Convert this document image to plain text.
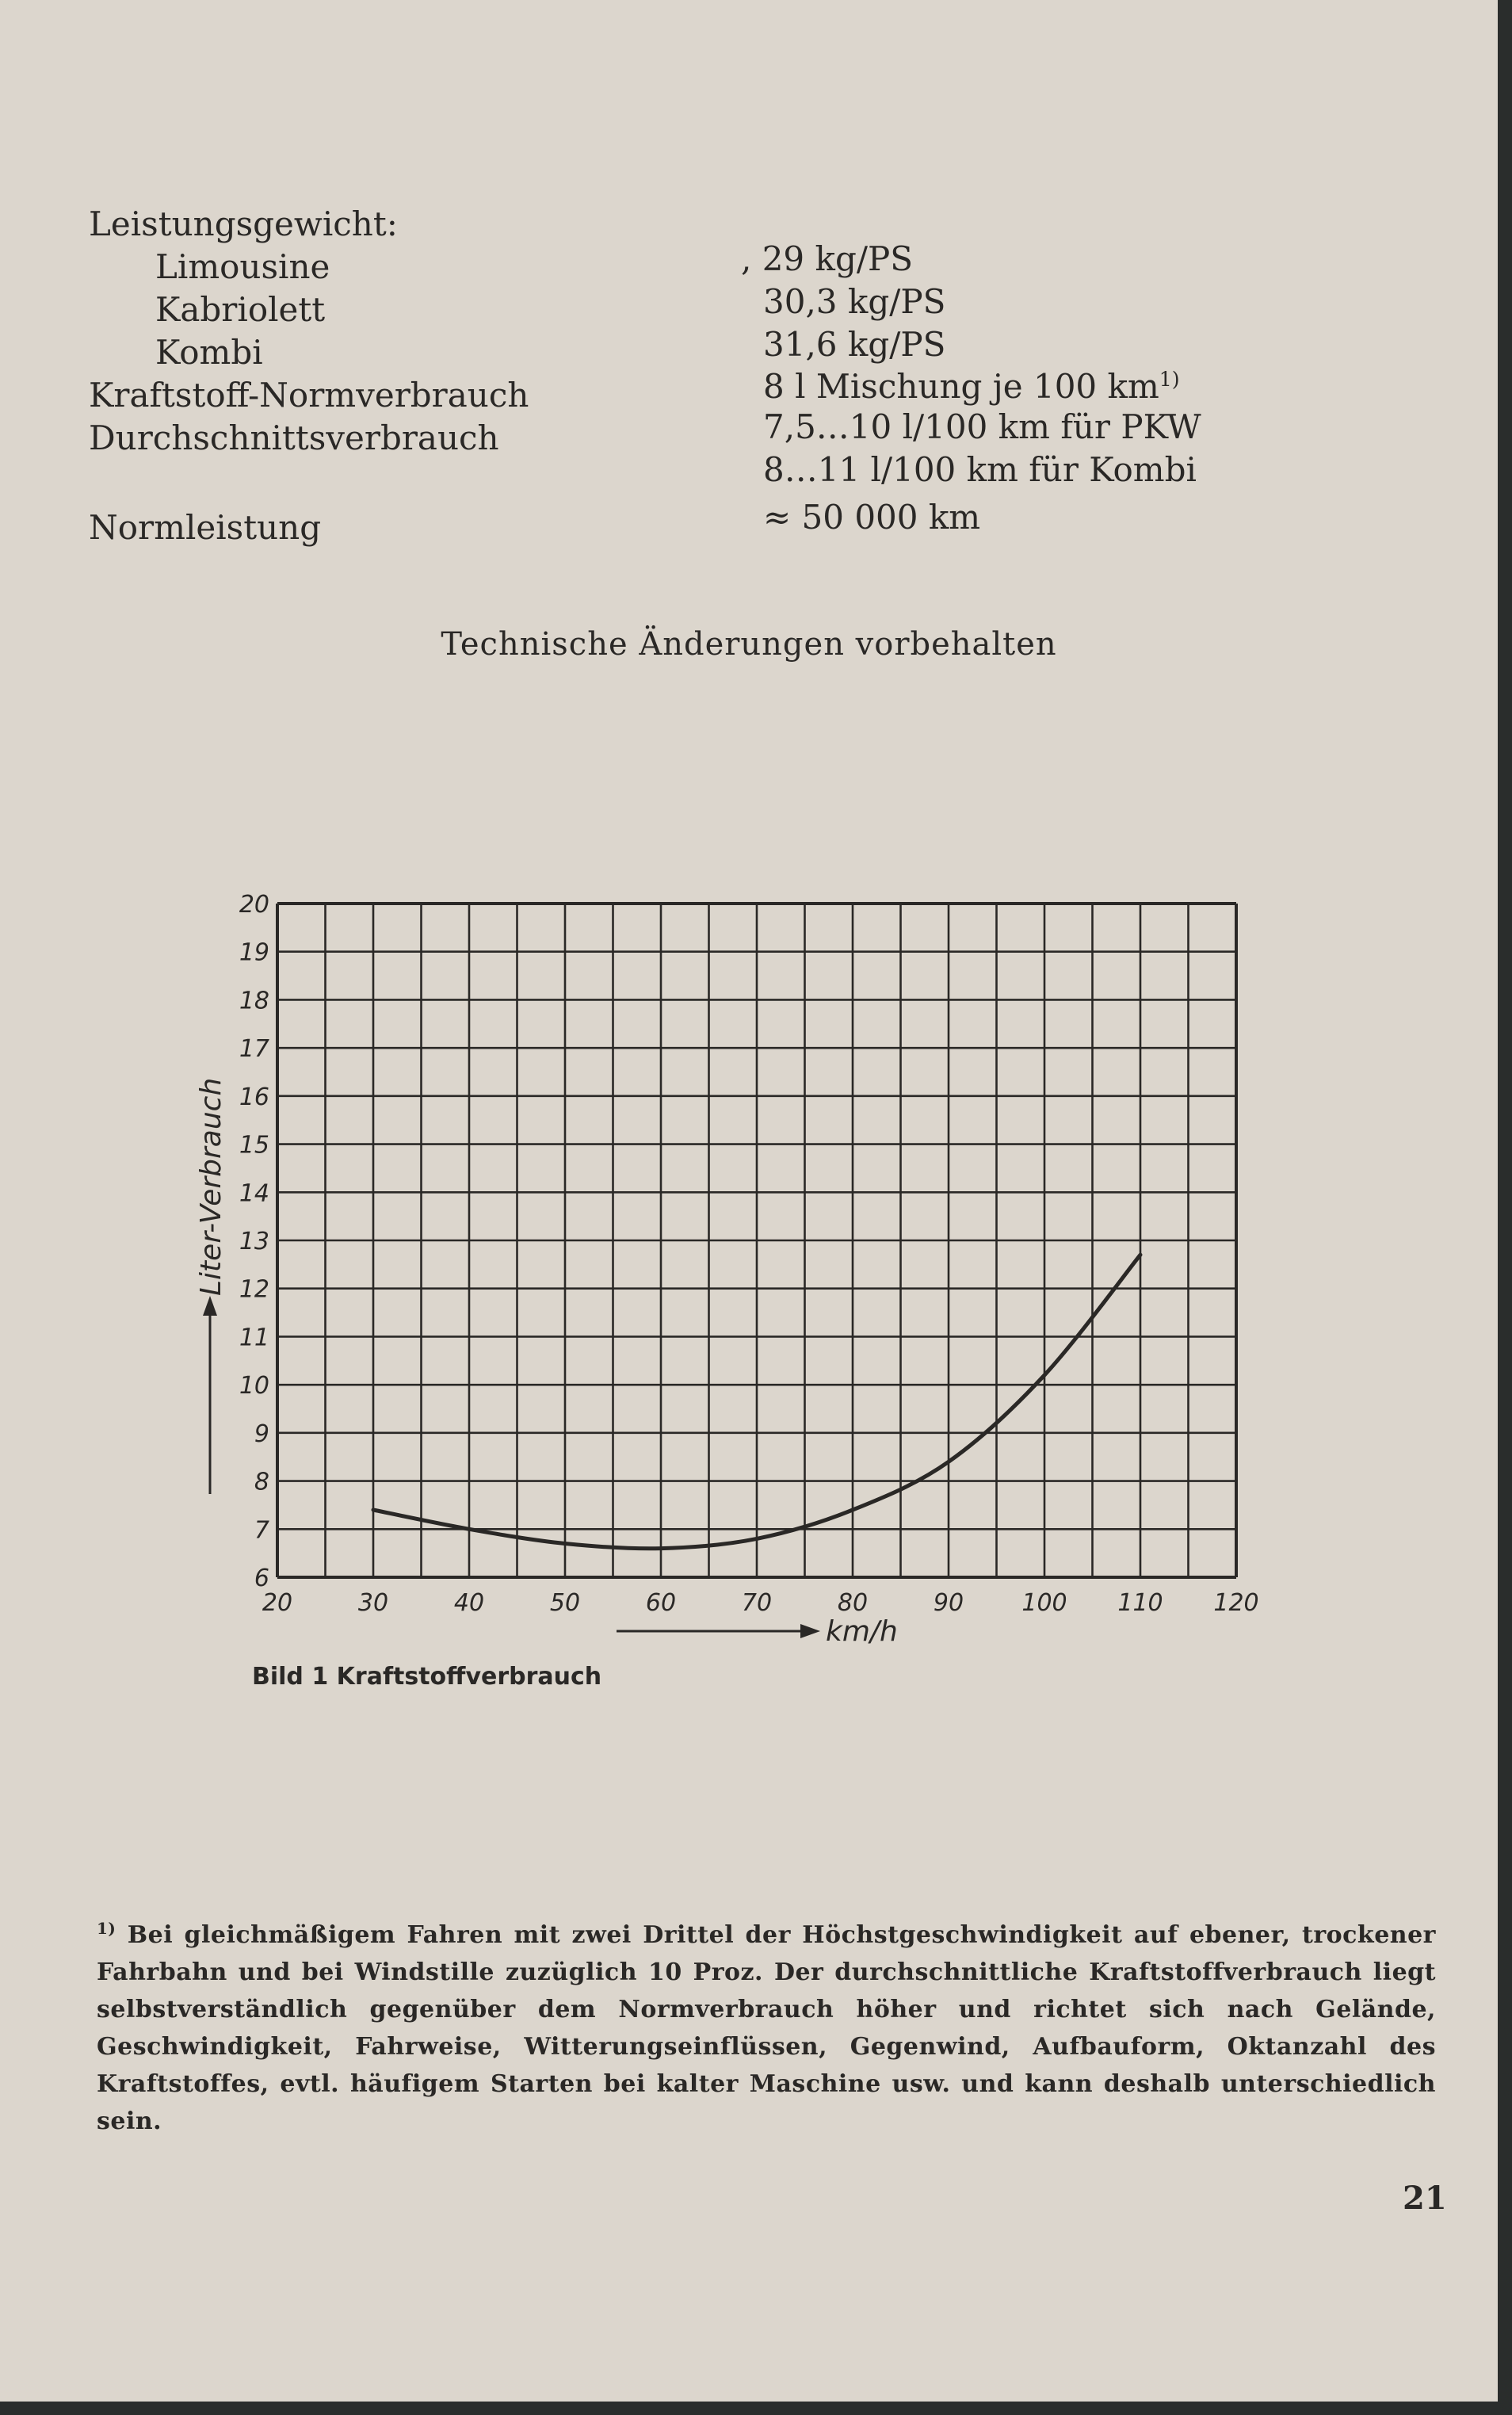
Leistungsgewicht:
Limousine	, 29 kg/PS
Kabriolett	30,3 kg/PS
Kombi	31,6 kg/PS
Kraftstoff-Normverbrauch	8 l Mischung je 100 $km^{1)}$
Durchschnittsverbrauch	7,5…10 l/100 km für PKW
8…11 l/100 km für Kombi
Normleistung	≈ 50 000 km
Technische Änderungen vorbehalten
6
7
8
9
10
11
12
13
14
15
16
17
18
19
20
20	30	40	50	60	70	80	90 100 110 120
Liter-Verbrauch
km/h
Bild 1 Kraftstoffverbrauch
$^{1)}$ Bei gleichmäßigem Fahren mit zwei Drittel der Höchstgeschwindigkeit auf ebener, trockener Fahrbahn und bei Windstille zuzüglich 10 Proz. Der durchschnittliche Kraftstoffverbrauch liegt selbstverständlich gegenüber dem Normverbrauch höher und richtet sich nach Gelände, Geschwindigkeit, Fahrweise, Witterungseinflüssen, Gegenwind, Aufbauform, Oktanzahl des Kraftstoffes, evtl. häufigem Starten bei kalter Maschine usw. und kann deshalb unterschiedlich sein.
21
